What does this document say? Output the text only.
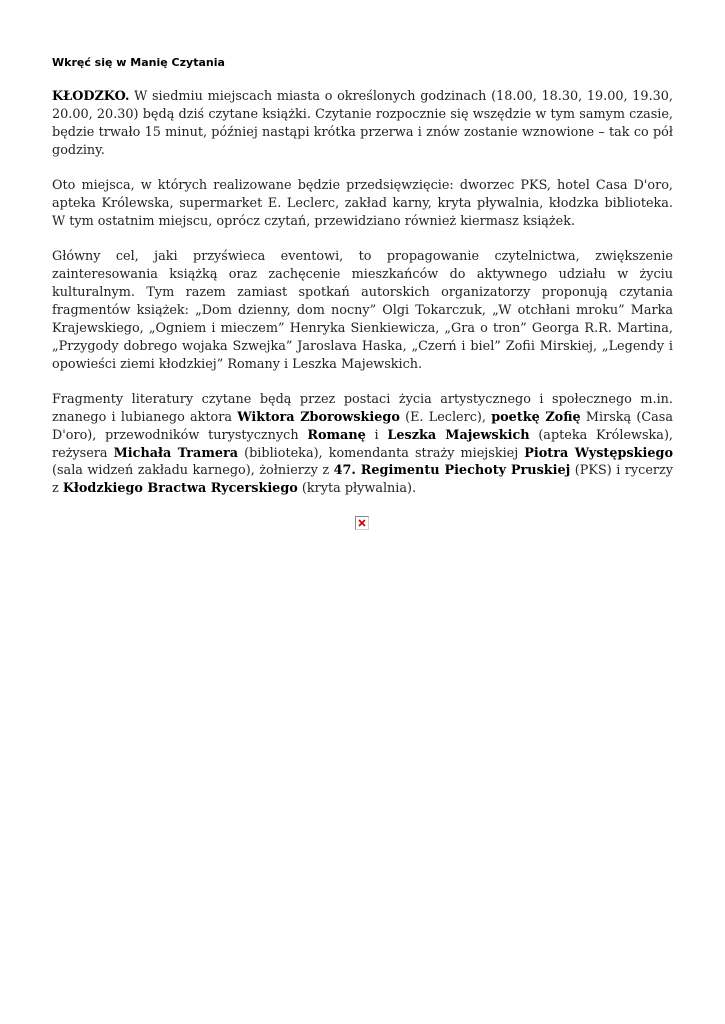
Wkręć się w Manię Czytania

KŁODZKO. W siedmiu miejscach miasta o określonych godzinach (18.00, 18.30, 19.00, 19.30, 20.00, 20.30) będą dziś czytane książki. Czytanie rozpocznie się wszędzie w tym samym czasie, będzie trwało 15 minut, później nastąpi krótka przerwa i znów zostanie wznowione – tak co pół godziny.

Oto miejsca, w których realizowane będzie przedsięwzięcie: dworzec PKS, hotel Casa D'oro, apteka Królewska, supermarket E. Leclerc, zakład karny, kryta pływalnia, kłodzka biblioteka. W tym ostatnim miejscu, oprócz czytań, przewidziano również kiermasz książek.

Główny cel, jaki przyświeca eventowi, to propagowanie czytelnictwa, zwiększenie zainteresowania książką oraz zachęcenie mieszkańców do aktywnego udziału w życiu kulturalnym. Tym razem zamiast spotkań autorskich organizatorzy proponują czytania fragmentów książek: „Dom dzienny, dom nocny” Olgi Tokarczuk, „W otchłani mroku” Marka Krajewskiego, „Ogniem i mieczem” Henryka Sienkiewicza, „Gra o tron” Georga R.R. Martina, „Przygody dobrego wojaka Szwejka” Jaroslava Haska, „Czerń i biel” Zofii Mirskiej, „Legendy i opowieści ziemi kłodzkiej” Romany i Leszka Majewskich.

Fragmenty literatury czytane będą przez postaci życia artystycznego i społecznego m.in. znanego i lubianego aktora Wiktora Zborowskiego (E. Leclerc), poetkę Zofię Mirską (Casa D'oro), przewodników turystycznych Romanę i Leszka Majewskich (apteka Królewska), reżysera Michała Tramera (biblioteka), komendanta straży miejskiej Piotra Występskiego (sala widzeń zakładu karnego), żołnierzy z 47. Regimentu Piechoty Pruskiej (PKS) i rycerzy z Kłodzkiego Bractwa Rycerskiego (kryta pływalnia).
